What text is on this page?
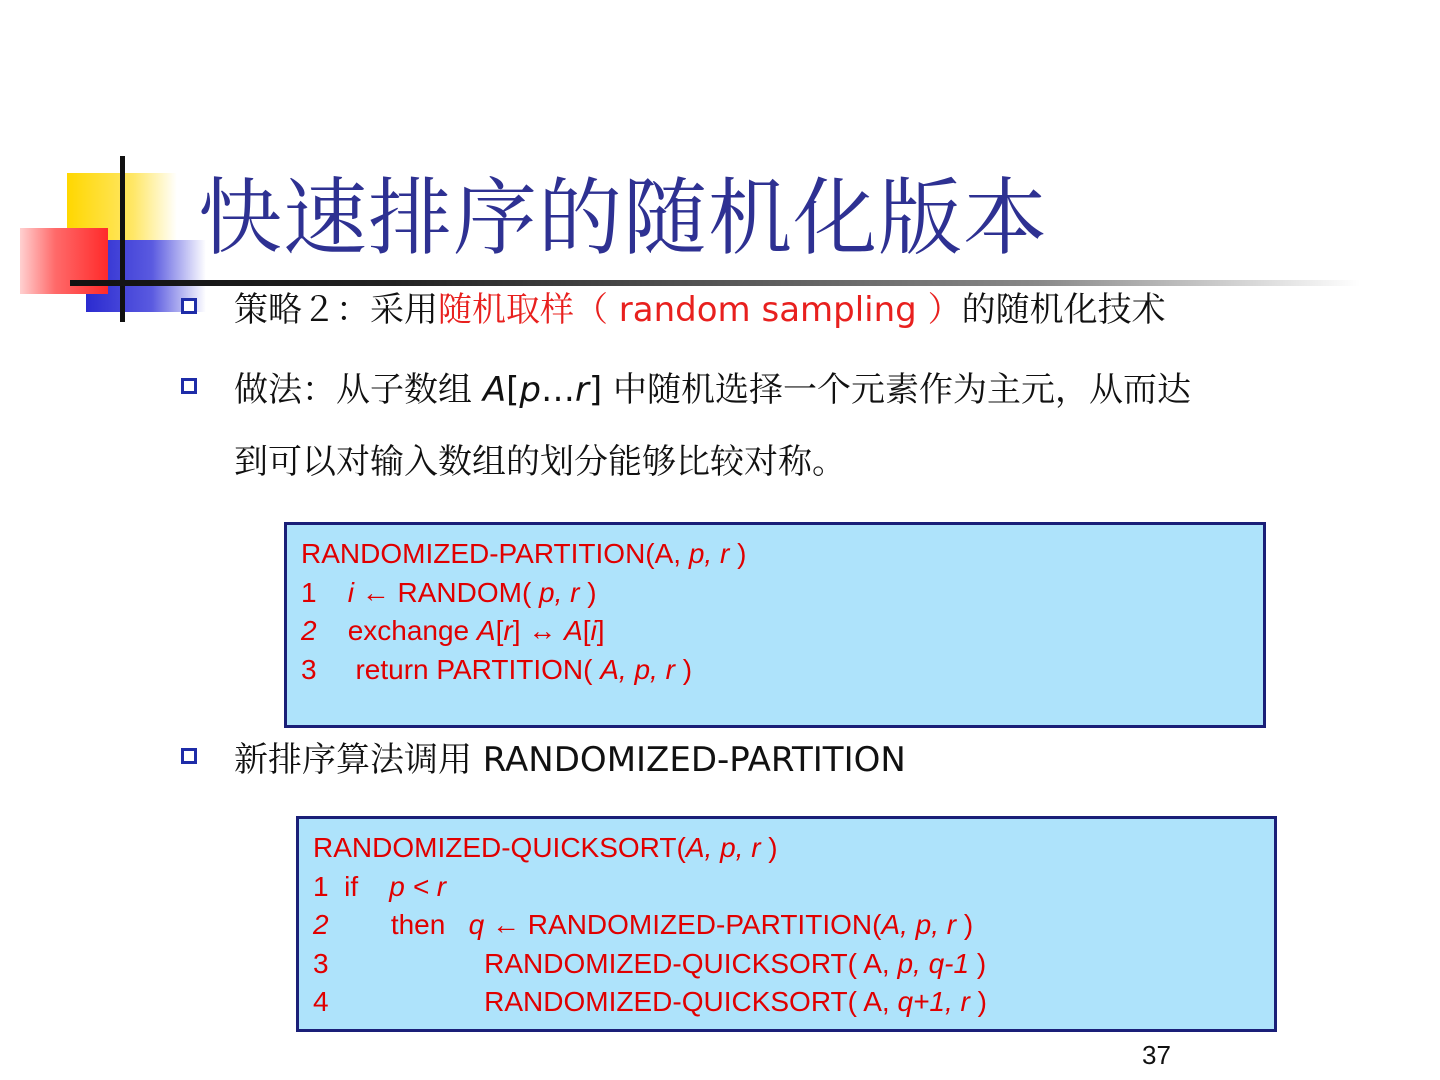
快速排序的随机化版本
策略２：采用随机取样（ random sampling ）的随机化技术
做法：从子数组 A[p…r] 中随机选择一个元素作为主元，从而达
到可以对输入数组的划分能够比较对称。
RANDOMIZED-PARTITION(A, p, r )
1    i ← RANDOM( p, r )
2    exchange A[r] ↔ A[i]
3     return PARTITION( A, p, r )
新排序算法调用 RANDOMIZED-PARTITION
RANDOMIZED-QUICKSORT(A, p, r )
1  if    p < r
2        then   q ← RANDOMIZED-PARTITION(A, p, r )
3                    RANDOMIZED-QUICKSORT( A, p, q-1 )
4                    RANDOMIZED-QUICKSORT( A, q+1, r )
37
